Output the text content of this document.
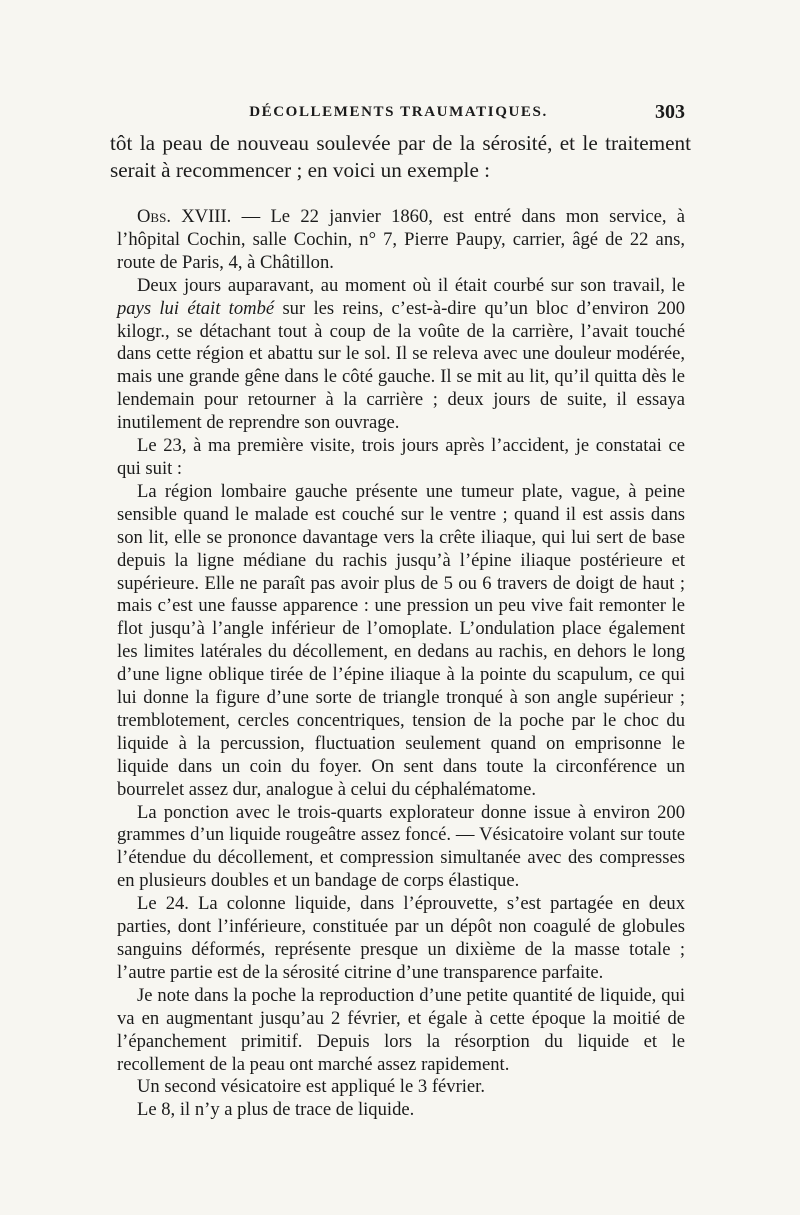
DÉCOLLEMENTS TRAUMATIQUES.	303

tôt la peau de nouveau soulevée par de la sérosité, et le traitement serait à recommencer ; en voici un exemple :

Obs. XVIII. — Le 22 janvier 1860, est entré dans mon service, à l’hôpital Cochin, salle Cochin, n° 7, Pierre Paupy, carrier, âgé de 22 ans, route de Paris, 4, à Châtillon.

Deux jours auparavant, au moment où il était courbé sur son travail, le pays lui était tombé sur les reins, c’est-à-dire qu’un bloc d’environ 200 kilogr., se détachant tout à coup de la voûte de la carrière, l’avait touché dans cette région et abattu sur le sol. Il se releva avec une douleur modérée, mais une grande gêne dans le côté gauche. Il se mit au lit, qu’il quitta dès le lendemain pour retourner à la carrière ; deux jours de suite, il essaya inutilement de reprendre son ouvrage.

Le 23, à ma première visite, trois jours après l’accident, je constatai ce qui suit :

La région lombaire gauche présente une tumeur plate, vague, à peine sensible quand le malade est couché sur le ventre ; quand il est assis dans son lit, elle se prononce davantage vers la crête iliaque, qui lui sert de base depuis la ligne médiane du rachis jusqu’à l’épine iliaque postérieure et supérieure. Elle ne paraît pas avoir plus de 5 ou 6 travers de doigt de haut ; mais c’est une fausse apparence : une pression un peu vive fait remonter le flot jusqu’à l’angle inférieur de l’omoplate. L’ondulation place également les limites latérales du décollement, en dedans au rachis, en dehors le long d’une ligne oblique tirée de l’épine iliaque à la pointe du scapulum, ce qui lui donne la figure d’une sorte de triangle tronqué à son angle supérieur ; tremblotement, cercles concentriques, tension de la poche par le choc du liquide à la percussion, fluctuation seulement quand on emprisonne le liquide dans un coin du foyer. On sent dans toute la circonférence un bourrelet assez dur, analogue à celui du céphalématome.

La ponction avec le trois-quarts explorateur donne issue à environ 200 grammes d’un liquide rougeâtre assez foncé. — Vésicatoire volant sur toute l’étendue du décollement, et compression simultanée avec des compresses en plusieurs doubles et un bandage de corps élastique.

Le 24. La colonne liquide, dans l’éprouvette, s’est partagée en deux parties, dont l’inférieure, constituée par un dépôt non coagulé de globules sanguins déformés, représente presque un dixième de la masse totale ; l’autre partie est de la sérosité citrine d’une transparence parfaite.

Je note dans la poche la reproduction d’une petite quantité de liquide, qui va en augmentant jusqu’au 2 février, et égale à cette époque la moitié de l’épanchement primitif. Depuis lors la résorption du liquide et le recollement de la peau ont marché assez rapidement.

Un second vésicatoire est appliqué le 3 février.

Le 8, il n’y a plus de trace de liquide.
